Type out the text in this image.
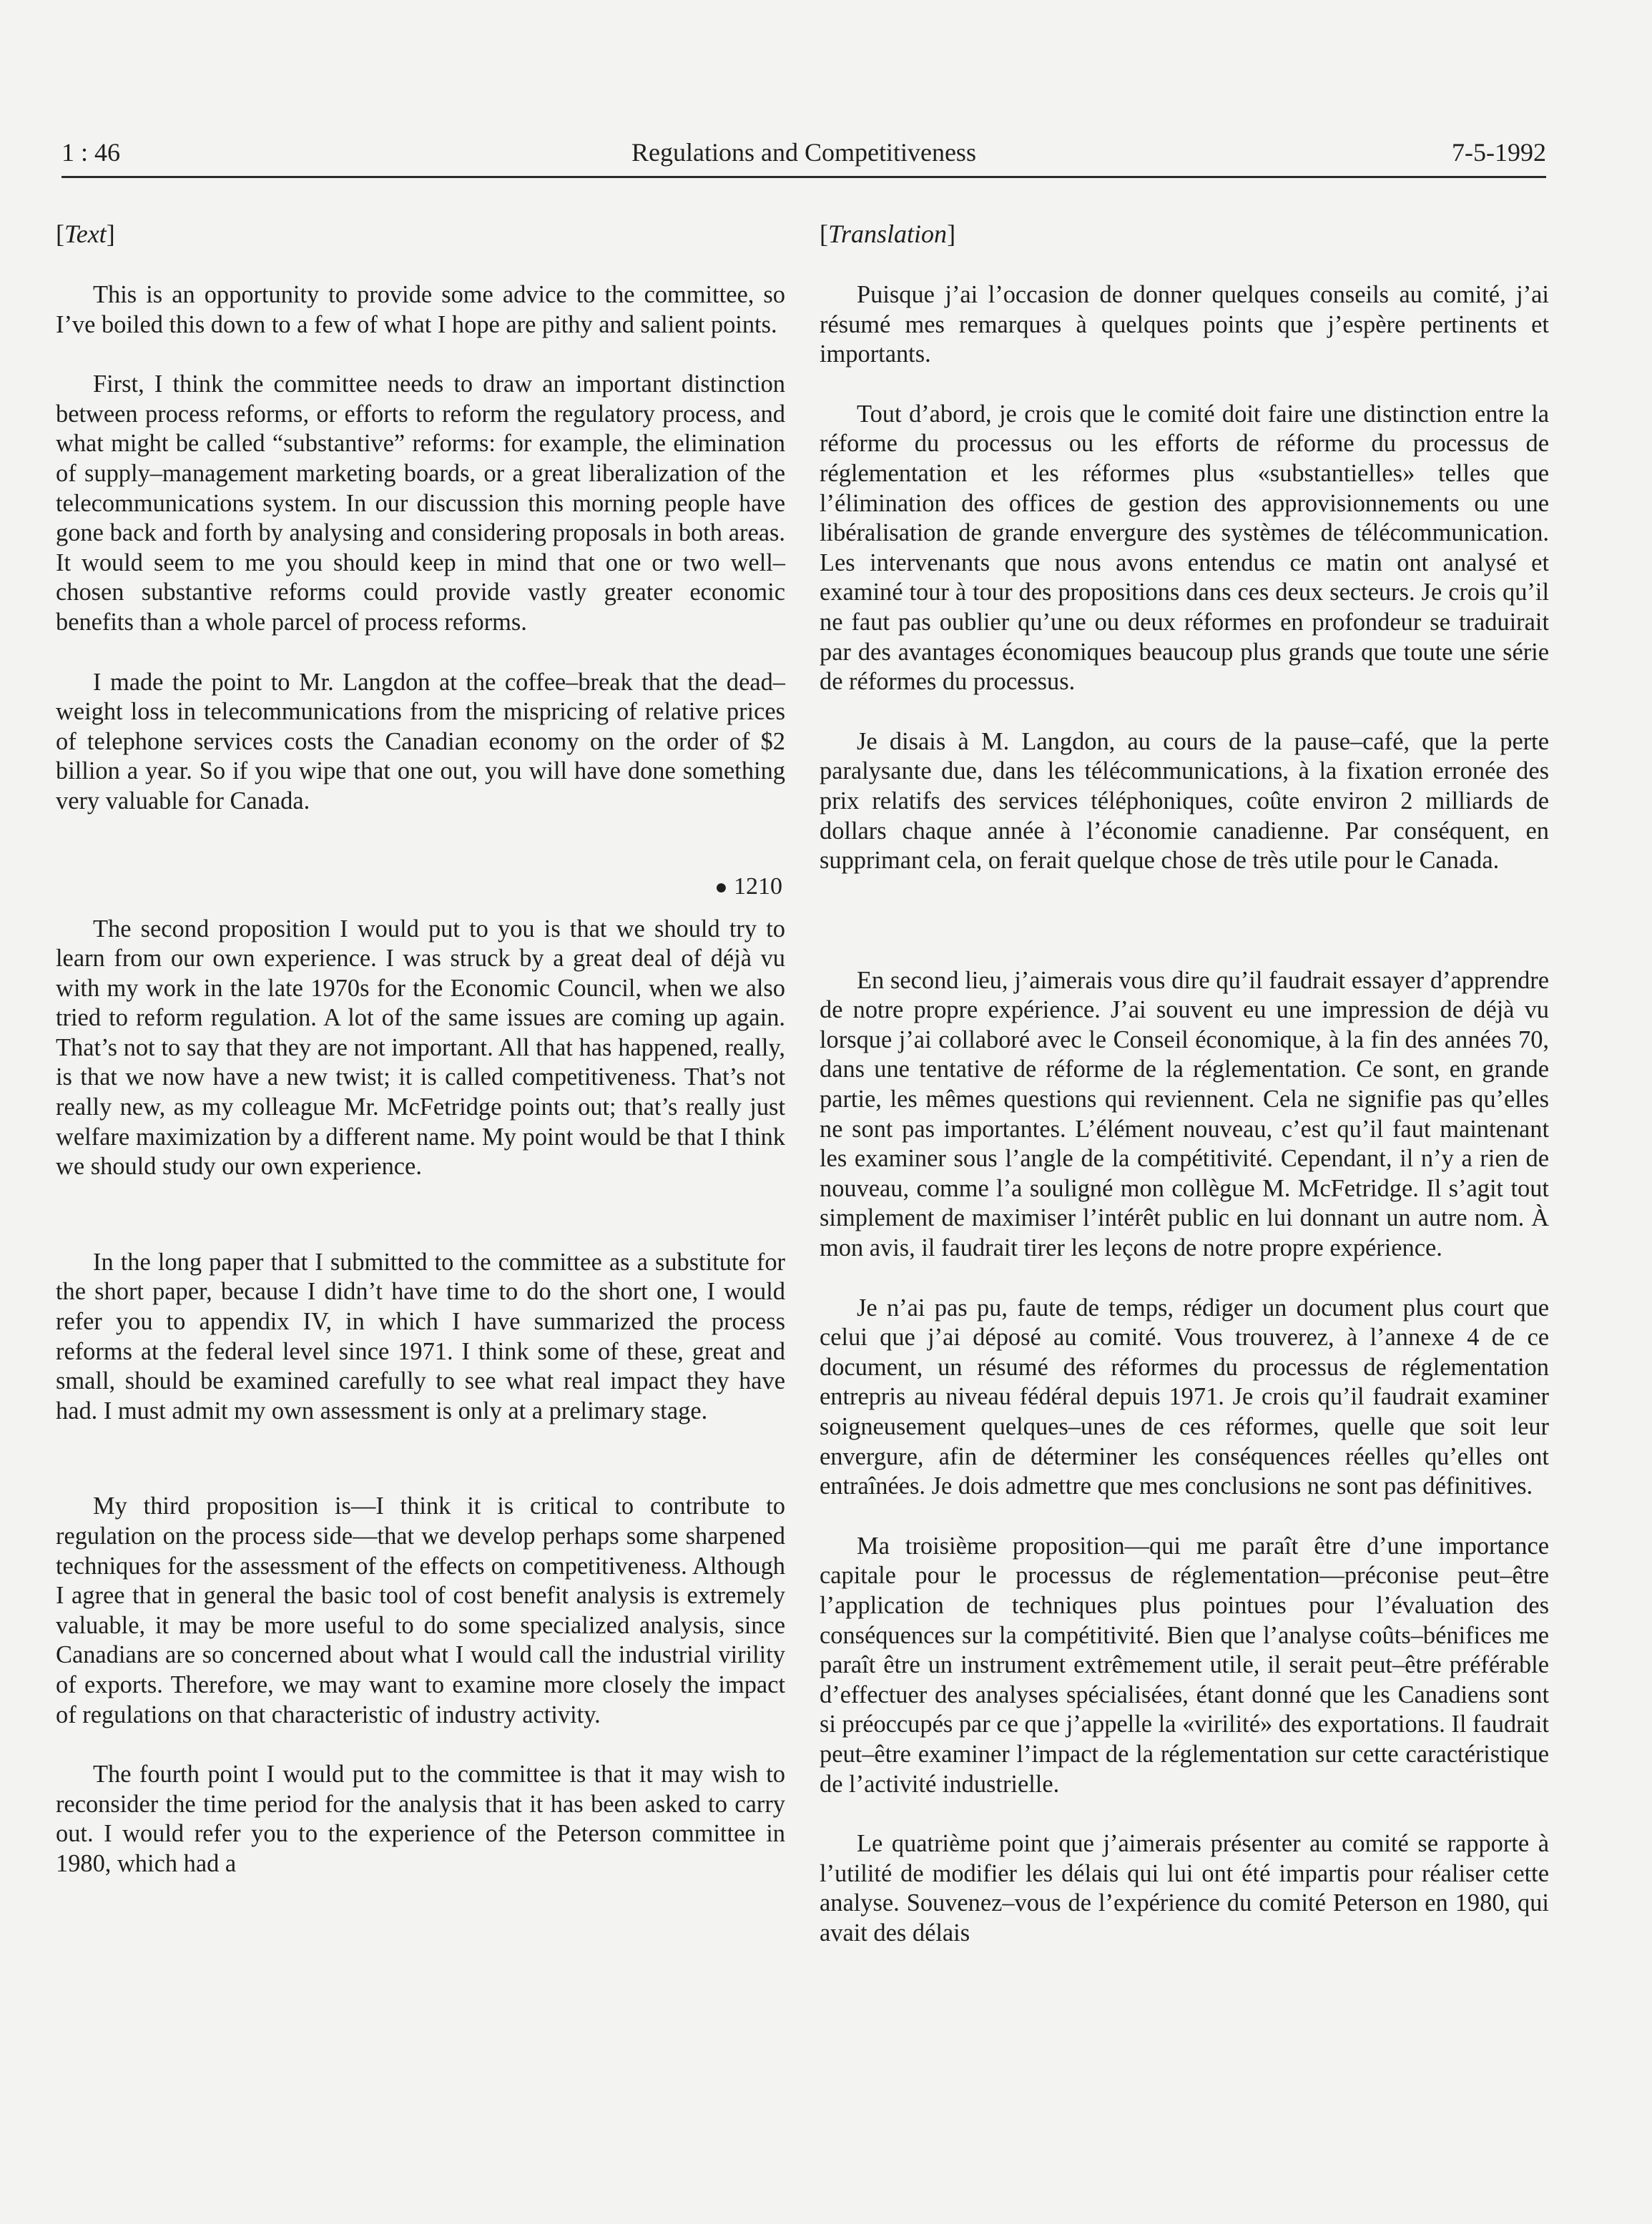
1 : 46	Regulations and Competitiveness	7-5-1992
[Text]

This is an opportunity to provide some advice to the committee, so I’ve boiled this down to a few of what I hope are pithy and salient points.

First, I think the committee needs to draw an important distinction between process reforms, or efforts to reform the regulatory process, and what might be called “substantive” reforms: for example, the elimination of supply–management marketing boards, or a great liberalization of the telecommunications system. In our discussion this morning people have gone back and forth by analysing and considering proposals in both areas. It would seem to me you should keep in mind that one or two well–chosen substantive reforms could provide vastly greater economic benefits than a whole parcel of process reforms.

I made the point to Mr. Langdon at the coffee–break that the dead–weight loss in telecommunications from the mispricing of relative prices of telephone services costs the Canadian economy on the order of $2 billion a year. So if you wipe that one out, you will have done something very valuable for Canada.

● 1210

The second proposition I would put to you is that we should try to learn from our own experience. I was struck by a great deal of déjà vu with my work in the late 1970s for the Economic Council, when we also tried to reform regulation. A lot of the same issues are coming up again. That’s not to say that they are not important. All that has happened, really, is that we now have a new twist; it is called competitiveness. That’s not really new, as my colleague Mr. McFetridge points out; that’s really just welfare maximization by a different name. My point would be that I think we should study our own experience.

In the long paper that I submitted to the committee as a substitute for the short paper, because I didn’t have time to do the short one, I would refer you to appendix IV, in which I have summarized the process reforms at the federal level since 1971. I think some of these, great and small, should be examined carefully to see what real impact they have had. I must admit my own assessment is only at a prelimary stage.

My third proposition is—I think it is critical to contribute to regulation on the process side—that we develop perhaps some sharpened techniques for the assessment of the effects on competitiveness. Although I agree that in general the basic tool of cost benefit analysis is extremely valuable, it may be more useful to do some specialized analysis, since Canadians are so concerned about what I would call the industrial virility of exports. Therefore, we may want to examine more closely the impact of regulations on that characteristic of industry activity.

The fourth point I would put to the committee is that it may wish to reconsider the time period for the analysis that it has been asked to carry out. I would refer you to the experience of the Peterson committee in 1980, which had a

[Translation]

Puisque j’ai l’occasion de donner quelques conseils au comité, j’ai résumé mes remarques à quelques points que j’espère pertinents et importants.

Tout d’abord, je crois que le comité doit faire une distinction entre la réforme du processus ou les efforts de réforme du processus de réglementation et les réformes plus «substantielles» telles que l’élimination des offices de gestion des approvisionnements ou une libéralisation de grande envergure des systèmes de télécommunication. Les intervenants que nous avons entendus ce matin ont analysé et examiné tour à tour des propositions dans ces deux secteurs. Je crois qu’il ne faut pas oublier qu’une ou deux réformes en profondeur se traduirait par des avantages économiques beaucoup plus grands que toute une série de réformes du processus.

Je disais à M. Langdon, au cours de la pause–café, que la perte paralysante due, dans les télécommunications, à la fixation erronée des prix relatifs des services téléphoniques, coûte environ 2 milliards de dollars chaque année à l’économie canadienne. Par conséquent, en supprimant cela, on ferait quelque chose de très utile pour le Canada.

En second lieu, j’aimerais vous dire qu’il faudrait essayer d’apprendre de notre propre expérience. J’ai souvent eu une impression de déjà vu lorsque j’ai collaboré avec le Conseil économique, à la fin des années 70, dans une tentative de réforme de la réglementation. Ce sont, en grande partie, les mêmes questions qui reviennent. Cela ne signifie pas qu’elles ne sont pas importantes. L’élément nouveau, c’est qu’il faut maintenant les examiner sous l’angle de la compétitivité. Cependant, il n’y a rien de nouveau, comme l’a souligné mon collègue M. McFetridge. Il s’agit tout simplement de maximiser l’intérêt public en lui donnant un autre nom. À mon avis, il faudrait tirer les leçons de notre propre expérience.

Je n’ai pas pu, faute de temps, rédiger un document plus court que celui que j’ai déposé au comité. Vous trouverez, à l’annexe 4 de ce document, un résumé des réformes du processus de réglementation entrepris au niveau fédéral depuis 1971. Je crois qu’il faudrait examiner soigneusement quelques–unes de ces réformes, quelle que soit leur envergure, afin de déterminer les conséquences réelles qu’elles ont entraînées. Je dois admettre que mes conclusions ne sont pas définitives.

Ma troisième proposition—qui me paraît être d’une importance capitale pour le processus de réglementation—préconise peut–être l’application de techniques plus pointues pour l’évaluation des conséquences sur la compétitivité. Bien que l’analyse coûts–bénifices me paraît être un instrument extrêmement utile, il serait peut–être préférable d’effectuer des analyses spécialisées, étant donné que les Canadiens sont si préoccupés par ce que j’appelle la «virilité» des exportations. Il faudrait peut–être examiner l’impact de la réglementation sur cette caractéristique de l’activité industrielle.

Le quatrième point que j’aimerais présenter au comité se rapporte à l’utilité de modifier les délais qui lui ont été impartis pour réaliser cette analyse. Souvenez–vous de l’expérience du comité Peterson en 1980, qui avait des délais
